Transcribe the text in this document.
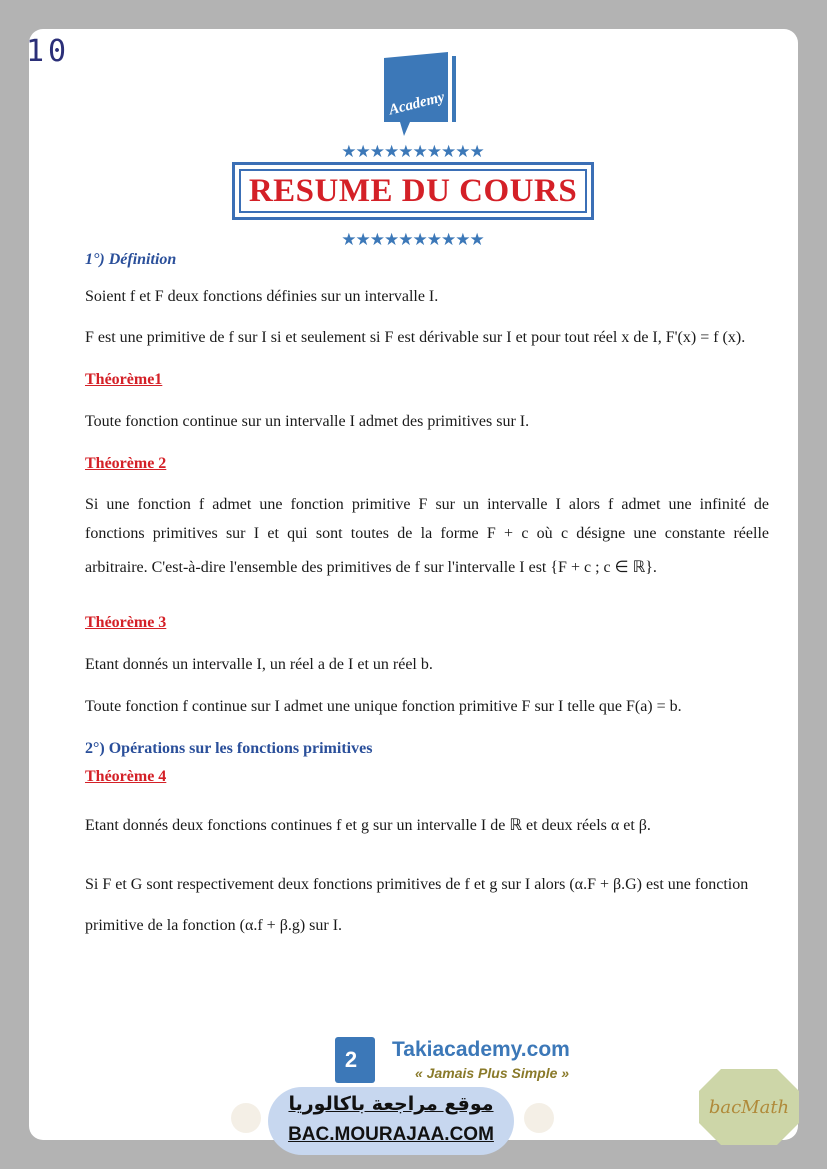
10
Academy
★★★★★★★★★★
RESUME DU COURS
★★★★★★★★★★
1°) Définition
Soient f et F deux fonctions définies sur un intervalle I.
F est une primitive de f sur I si et seulement si F est dérivable sur I et pour tout réel x de I, F'(x) = f (x).
Théorème1
Toute fonction continue sur un intervalle I admet des primitives sur I.
Théorème 2
Si une fonction f admet une fonction primitive F sur un intervalle I alors f admet une infinité de
fonctions primitives sur I et qui sont toutes de la forme F + c où c désigne une constante réelle
arbitraire. C'est-à-dire l'ensemble des primitives de f sur l'intervalle I est {F + c ; c ∈ ℝ}.
Théorème 3
Etant donnés un intervalle I, un réel a de I et un réel b.
Toute fonction f continue sur I admet une unique fonction primitive F sur I telle que F(a) = b.
2°) Opérations sur les fonctions primitives
Théorème 4
Etant donnés deux fonctions continues f et g sur un intervalle I de ℝ et deux réels α et β.
Si F et G sont respectivement deux fonctions primitives de f et g sur I alors (α.F + β.G) est une fonction
primitive de la fonction (α.f + β.g) sur I.
2	Takiacademy.com
« Jamais Plus Simple »
موقع مراجعة باكالوريا
BAC.MOURAJAA.COM
bacMath
